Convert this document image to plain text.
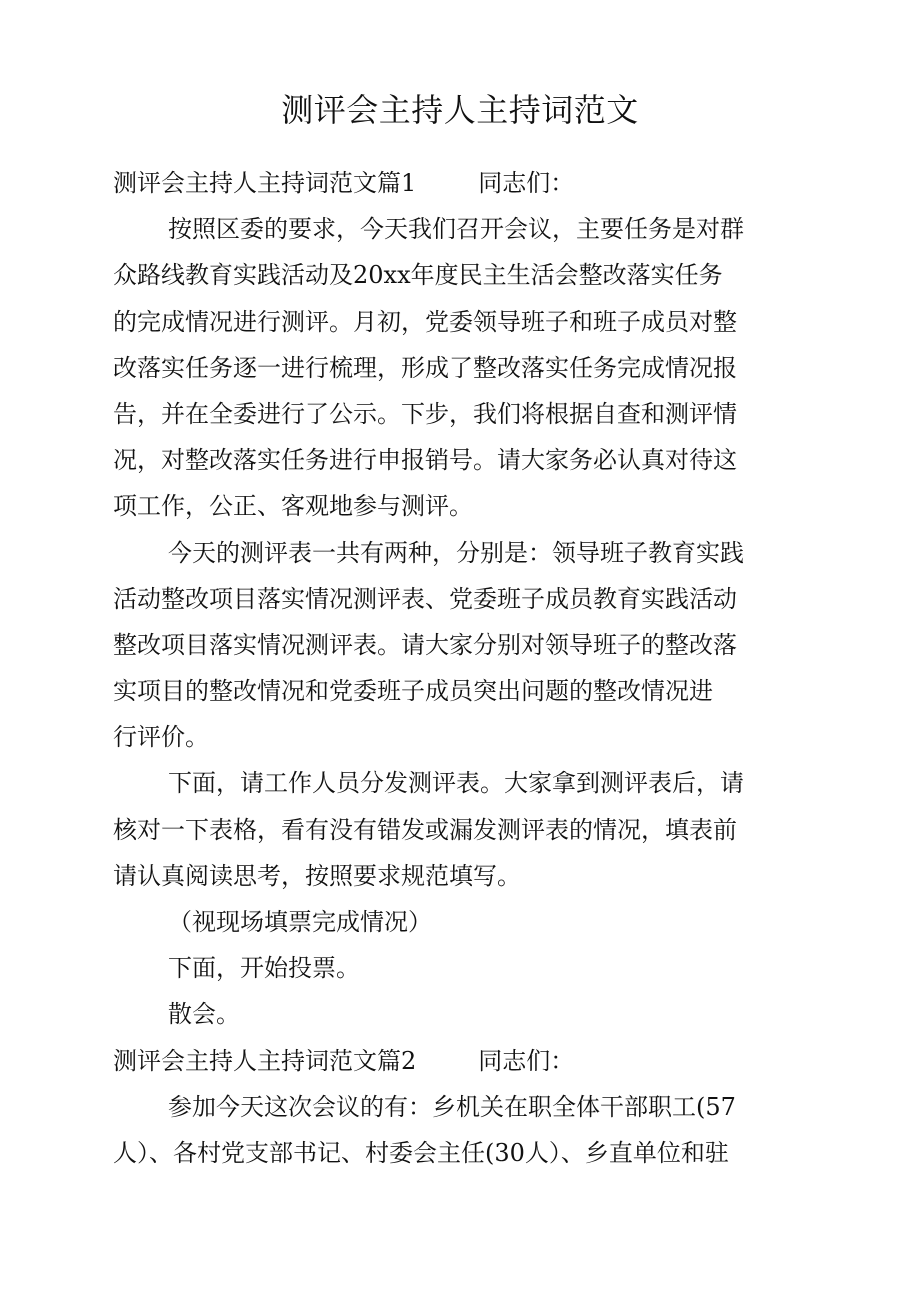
测评会主持人主持词范文
测评会主持人主持词范文篇1	同志们：
按照区委的要求，今天我们召开会议，主要任务是对群
众路线教育实践活动及20xx年度民主生活会整改落实任务
的完成情况进行测评。月初，党委领导班子和班子成员对整
改落实任务逐一进行梳理，形成了整改落实任务完成情况报
告，并在全委进行了公示。下步，我们将根据自查和测评情
况，对整改落实任务进行申报销号。请大家务必认真对待这
项工作，公正、客观地参与测评。
今天的测评表一共有两种，分别是：领导班子教育实践
活动整改项目落实情况测评表、党委班子成员教育实践活动
整改项目落实情况测评表。请大家分别对领导班子的整改落
实项目的整改情况和党委班子成员突出问题的整改情况进
行评价。
下面，请工作人员分发测评表。大家拿到测评表后，请
核对一下表格，看有没有错发或漏发测评表的情况，填表前
请认真阅读思考，按照要求规范填写。
（视现场填票完成情况）
下面，开始投票。
散会。
测评会主持人主持词范文篇2	同志们：
参加今天这次会议的有：乡机关在职全体干部职工(57
人）、各村党支部书记、村委会主任(30人）、乡直单位和驻
